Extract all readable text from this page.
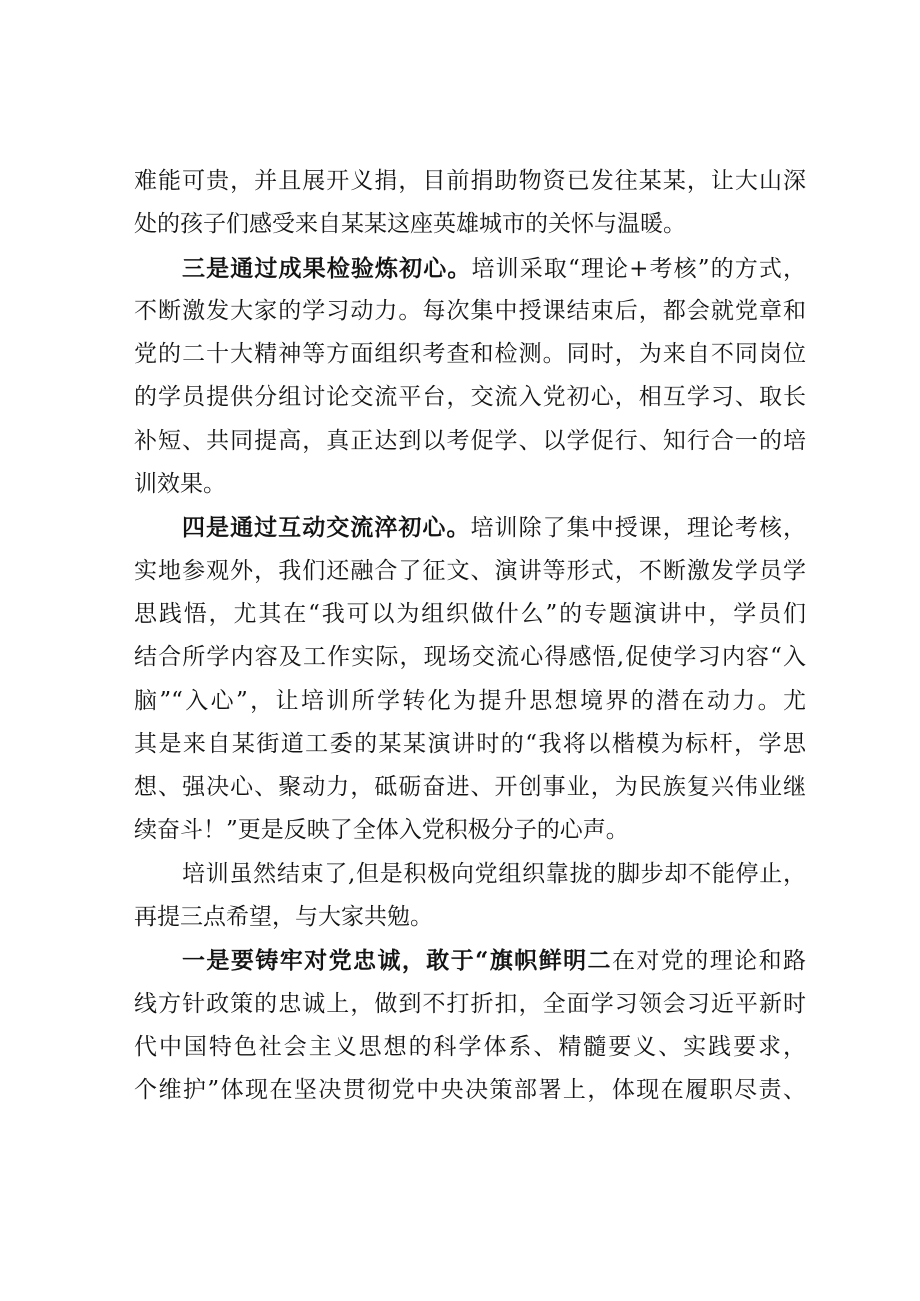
难能可贵，并且展开义捐，目前捐助物资已发往某某，让大山深
处的孩子们感受来自某某这座英雄城市的关怀与温暖。
三是通过成果检验炼初心。培训采取“理论+考核”的方式，
不断激发大家的学习动力。每次集中授课结束后，都会就党章和
党的二十大精神等方面组织考查和检测。同时，为来自不同岗位
的学员提供分组讨论交流平台，交流入党初心，相互学习、取长
补短、共同提高，真正达到以考促学、以学促行、知行合一的培
训效果。
四是通过互动交流淬初心。培训除了集中授课，理论考核，
实地参观外，我们还融合了征文、演讲等形式，不断激发学员学
思践悟，尤其在“我可以为组织做什么”的专题演讲中，学员们
结合所学内容及工作实际，现场交流心得感悟,促使学习内容“入
脑”“入心”，让培训所学转化为提升思想境界的潜在动力。尤
其是来自某街道工委的某某演讲时的“我将以楷模为标杆，学思
想、强决心、聚动力，砥砺奋进、开创事业，为民族复兴伟业继
续奋斗！”更是反映了全体入党积极分子的心声。
培训虽然结束了,但是积极向党组织靠拢的脚步却不能停止，
再提三点希望，与大家共勉。
一是要铸牢对党忠诚，敢于“旗帜鲜明二在对党的理论和路
线方针政策的忠诚上，做到不打折扣，全面学习领会习近平新时
代中国特色社会主义思想的科学体系、精髓要义、实践要求，
个维护”体现在坚决贯彻党中央决策部署上，体现在履职尽责、
